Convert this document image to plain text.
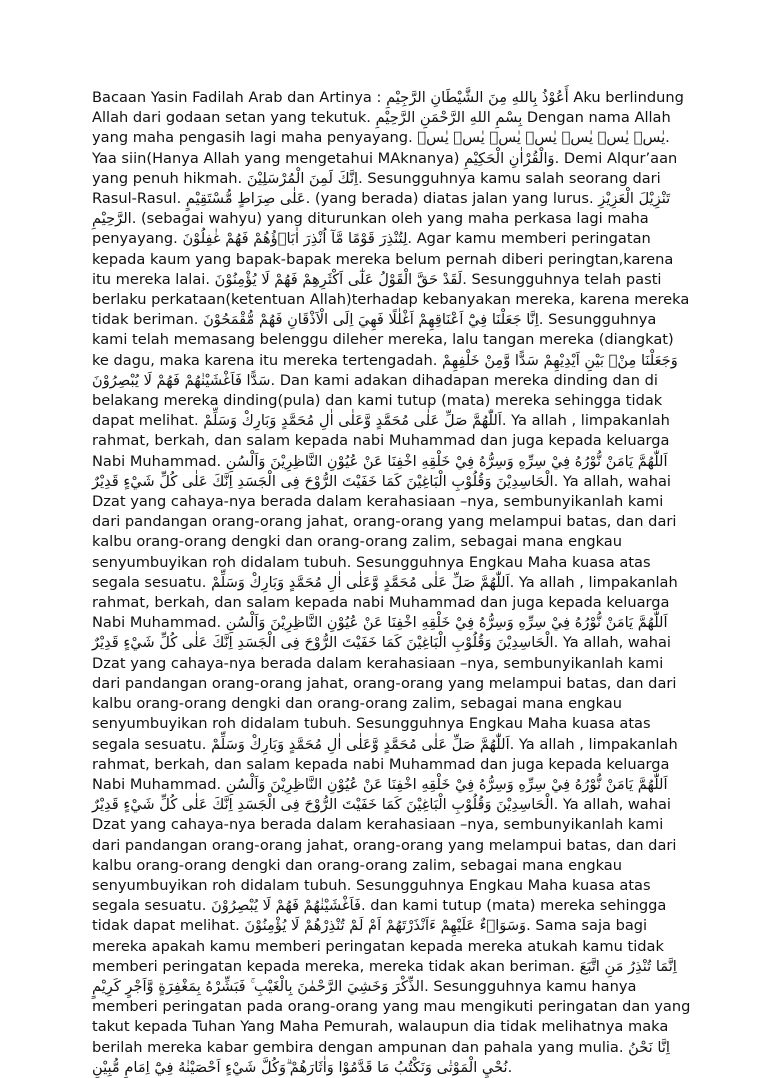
Bacaan Yasin Fadilah Arab dan Artinya : أَعُوْذُ بِاللهِ مِنَ الشَّيْطَانِ الرَّجِيْمِ Aku berlindung Allah dari godaan setan yang tekutuk. بِسْمِ اللهِ الرَّحْمَنِ الرَّحِيْمِ Dengan nama Allah yang maha pengasih lagi maha penyayang. يٰسۤ يٰسۤ يٰسۤ يٰسۤ يٰسۤ يٰسۤ يٰسۤ. Yaa siin(Hanya Allah yang mengetahui MAknanya) وَالْقُرْاٰنِ الْحَكِيْمِ. Demi Alqur’aan yang penuh hikmah. اِنَّكَ لَمِنَ الْمُرْسَلِيْنَ. Sesungguhnya kamu salah seorang dari Rasul-Rasul. عَلٰى صِرَاطٍ مُّسْتَقِيْمٍ. (yang berada) diatas jalan yang lurus. تَنْزِيْلَ الْعَزِيْزِ الرَّحِيْمِ. (sebagai wahyu) yang diturunkan oleh yang maha perkasa lagi maha penyayang. لِتُنْذِرَ قَوْمًا مَّآ اُنْذِرَ اٰبَاۤؤُهُمْ فَهُمْ غٰفِلُوْنَ. Agar kamu memberi peringatan kepada kaum yang bapak-bapak mereka belum pernah diberi peringtan,karena itu mereka lalai. لَقَدْ حَقَّ الْقَوْلُ عَلٰٓى اَكْثَرِهِمْ فَهُمْ لَا يُؤْمِنُوْنَ. Sesungguhnya telah pasti berlaku perkataan(ketentuan Allah)terhadap kebanyakan mereka, karena mereka tidak beriman. اِنَّا جَعَلْنَا فِيْٓ اَعْنَاقِهِمْ اَغْلٰلًا فَهِيَ اِلَى الْاَذْقَانِ فَهُمْ مُّقْمَحُوْنَ. Sesungguhnya kami telah memasang belenggu dileher mereka, lalu tangan mereka (diangkat) ke dagu, maka karena itu mereka tertengadah. وَجَعَلْنَا مِنْۢ بَيْنِ اَيْدِيْهِمْ سَدًّا وَّمِنْ خَلْفِهِمْ سَدًّا فَاَغْشَيْنٰهُمْ فَهُمْ لَا يُبْصِرُوْنَ. Dan kami adakan dihadapan mereka dinding dan di belakang mereka dinding(pula) dan kami tutup (mata) mereka sehingga tidak dapat melihat. اَللّٰهُمَّ صَلِّ عَلٰى مُحَمَّدٍ وَّعَلٰى اٰلِ مُحَمَّدٍ وَبَارِكْ وَسَلِّمْ. Ya allah , limpakanlah rahmat, berkah, dan salam kepada nabi Muhammad dan juga kepada keluarga Nabi Muhammad. اَللّٰهُمَّ يَامَنْ نُّوْرُهُ فِيْ سِرِّهِ وَسِرُّهُ فِيْ خَلْقِهِ اخْفِنَا عَنْ عُيُوْنِ النَّاظِرِيْنَ وَاَلْسُنِ الْحَاسِدِيْنَ وَقُلُوْبِ الْبَاغِيْنَ كَمَا خَفَيْتَ الرُّوْحَ فِى الْجَسَدِ اِنَّكَ عَلٰى كُلِّ شَيْءٍ قَدِيْرٌ. Ya allah, wahai Dzat yang cahaya-nya berada dalam kerahasiaan –nya, sembunyikanlah kami dari pandangan orang-orang jahat, orang-orang yang melampui batas, dan dari kalbu orang-orang dengki dan orang-orang zalim, sebagai mana engkau senyumbuyikan roh didalam tubuh. Sesungguhnya Engkau Maha kuasa atas segala sesuatu. اَللّٰهُمَّ صَلِّ عَلٰى مُحَمَّدٍ وَّعَلٰى اٰلِ مُحَمَّدٍ وَبَارِكْ وَسَلِّمْ. Ya allah , limpakanlah rahmat, berkah, dan salam kepada nabi Muhammad dan juga kepada keluarga Nabi Muhammad. اَللّٰهُمَّ يَامَنْ نُّوْرُهُ فِيْ سِرِّهِ وَسِرُّهُ فِيْ خَلْقِهِ اخْفِنَا عَنْ عُيُوْنِ النَّاظِرِيْنَ وَاَلْسُنِ الْحَاسِدِيْنَ وَقُلُوْبِ الْبَاغِيْنَ كَمَا خَفَيْتَ الرُّوْحَ فِى الْجَسَدِ اِنَّكَ عَلٰى كُلِّ شَيْءٍ قَدِيْرٌ. Ya allah, wahai Dzat yang cahaya-nya berada dalam kerahasiaan –nya, sembunyikanlah kami dari pandangan orang-orang jahat, orang-orang yang melampui batas, dan dari kalbu orang-orang dengki dan orang-orang zalim, sebagai mana engkau senyumbuyikan roh didalam tubuh. Sesungguhnya Engkau Maha kuasa atas segala sesuatu. اَللّٰهُمَّ صَلِّ عَلٰى مُحَمَّدٍ وَّعَلٰى اٰلِ مُحَمَّدٍ وَبَارِكْ وَسَلِّمْ. Ya allah , limpakanlah rahmat, berkah, dan salam kepada nabi Muhammad dan juga kepada keluarga Nabi Muhammad. اَللّٰهُمَّ يَامَنْ نُّوْرُهُ فِيْ سِرِّهِ وَسِرُّهُ فِيْ خَلْقِهِ اخْفِنَا عَنْ عُيُوْنِ النَّاظِرِيْنَ وَاَلْسُنِ الْحَاسِدِيْنَ وَقُلُوْبِ الْبَاغِيْنَ كَمَا خَفَيْتَ الرُّوْحَ فِى الْجَسَدِ اِنَّكَ عَلٰى كُلِّ شَيْءٍ قَدِيْرٌ. Ya allah, wahai Dzat yang cahaya-nya berada dalam kerahasiaan –nya, sembunyikanlah kami dari pandangan orang-orang jahat, orang-orang yang melampui batas, dan dari kalbu orang-orang dengki dan orang-orang zalim, sebagai mana engkau senyumbuyikan roh didalam tubuh. Sesungguhnya Engkau Maha kuasa atas segala sesuatu. فَاَغْشَيْنٰهُمْ فَهُمْ لَا يُبْصِرُوْنَ. dan kami tutup (mata) mereka sehingga tidak dapat melihat. وَسَوَاۤءٌ عَلَيْهِمْ ءَاَنْذَرْتَهُمْ اَمْ لَمْ تُنْذِرْهُمْ لَا يُؤْمِنُوْنَ. Sama saja bagi mereka apakah kamu memberi peringatan kepada mereka atukah kamu tidak memberi peringatan kepada mereka, mereka tidak akan beriman. اِنَّمَا تُنْذِرُ مَنِ اتَّبَعَ الذِّكْرَ وَخَشِيَ الرَّحْمٰنَ بِالْغَيْبِ ۚ فَبَشِّرْهُ بِمَغْفِرَةٍ وَّاَجْرٍ كَرِيْمٍ. Sesungguhnya kamu hanya memberi peringatan pada orang-orang yang mau mengikuti peringatan dan yang takut kepada Tuhan Yang Maha Pemurah, walaupun dia tidak melihatnya maka berilah mereka kabar gembira dengan ampunan dan pahala yang mulia. اِنَّا نَحْنُ نُحْيِ الْمَوْتٰى وَنَكْتُبُ مَا قَدَّمُوْا وَاٰثَارَهُمْ ۗوَكُلَّ شَيْءٍ اَحْصَيْنٰهُ فِيْٓ اِمَامٍ مُّبِيْنٍ.
